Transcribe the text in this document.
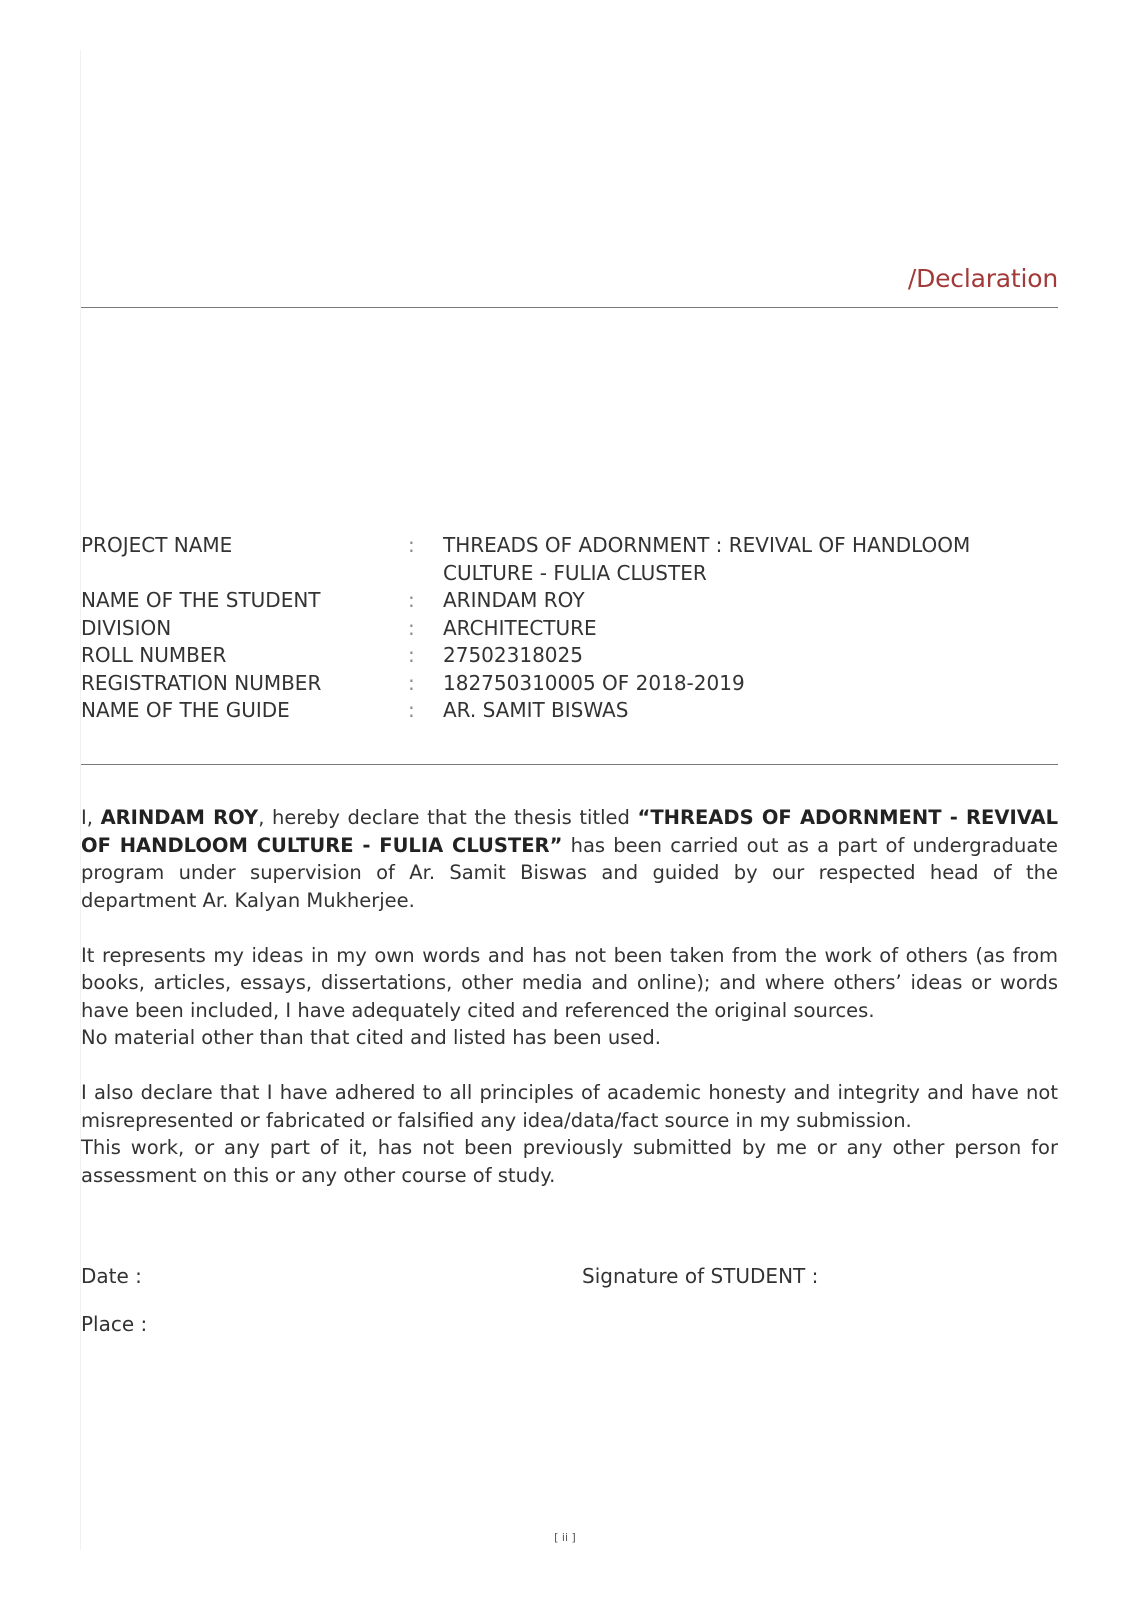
/Declaration
PROJECT NAME	:	THREADS OF ADORNMENT : REVIVAL OF HANDLOOM
CULTURE - FULIA CLUSTER
NAME OF THE STUDENT	:	ARINDAM ROY
DIVISION	:	ARCHITECTURE
ROLL NUMBER	:	27502318025
REGISTRATION NUMBER	:	182750310005 OF 2018-2019
NAME OF THE GUIDE	:	AR. SAMIT BISWAS

I, ARINDAM ROY, hereby declare that the thesis titled “THREADS OF ADORNMENT - REVIVAL OF HANDLOOM CULTURE - FULIA CLUSTER” has been carried out as a part of undergraduate program under supervision of Ar. Samit Biswas and guided by our respected head of the department Ar. Kalyan Mukherjee.

It represents my ideas in my own words and has not been taken from the work of others (as from books, articles, essays, dissertations, other media and online); and where others’ ideas or words have been included, I have adequately cited and referenced the original sources.

No material other than that cited and listed has been used.

I also declare that I have adhered to all principles of academic honesty and integrity and have not misrepresented or fabricated or falsified any idea/data/fact source in my submission.

This work, or any part of it, has not been previously submitted by me or any other person for assessment on this or any other course of study.

Date :	Signature of STUDENT :
Place :
[ ii ]
